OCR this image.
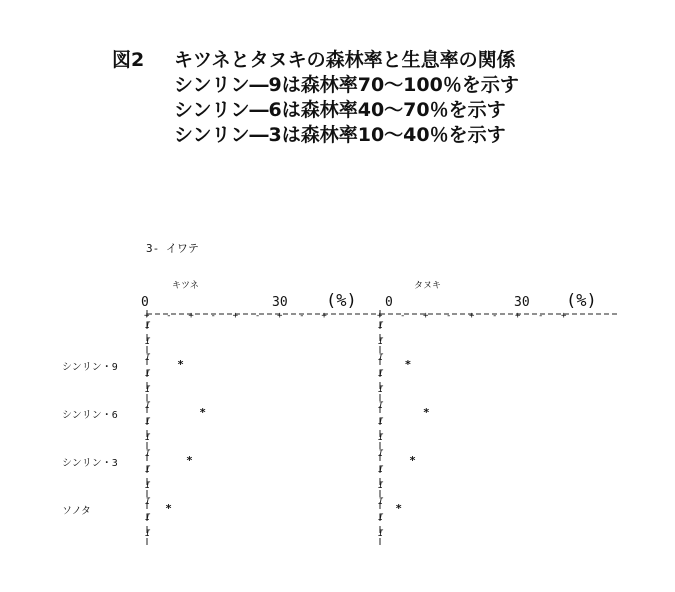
図2	キツネとタヌキの森林率と生息率の関係
シンリン―9は森林率70～100％を示す
シンリン―6は森林率40～70％を示す
シンリン―3は森林率10～40％を示す
3- イワテ
キツネ
0	30 (%)
*
*
*
*
タヌキ
0	30 (%)
*
*
*
*
シンリン・9
シンリン・6
シンリン・3
ソノタ
+ - + - + - + - +
I
I
I
I
I
I
I
I
I
I
I
I
I
I
+ - + - + - + - +
I
I
I
I
I
I
I
I
I
I
I
I
I
I
